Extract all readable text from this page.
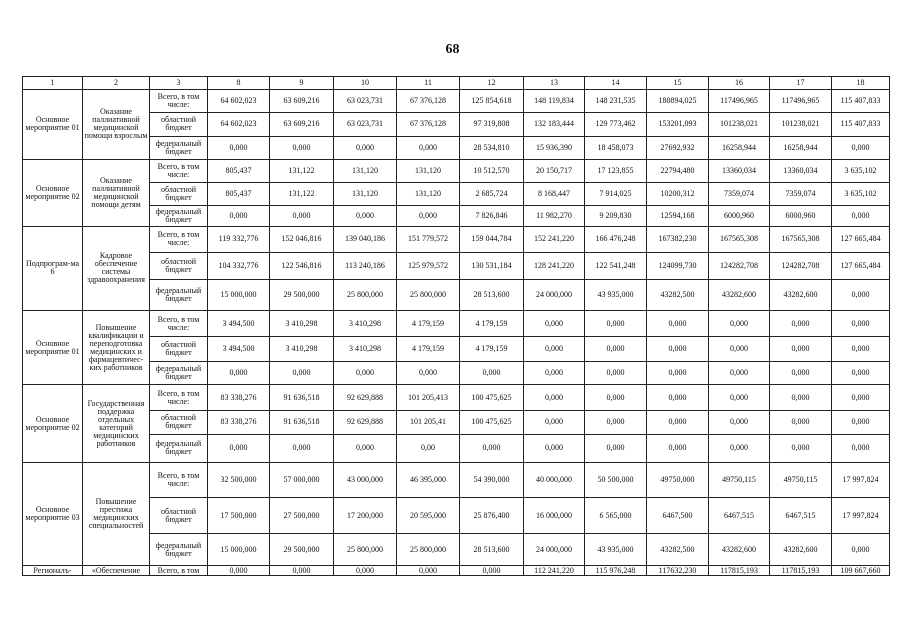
68
1	2	3	8	9	10	11	12	13	14	15	16	17	18
Основное мероприятие 01	Оказание паллиативной медицинской помощи взрослым	Всего, в том числе:	64 602,023	63 609,216	63 023,731	67 376,128	125 854,618	148 119,834	148 231,535	180894,025	117496,965	117496,965	115 407,833
		областной бюджет	64 602,023	63 609,216	63 023,731	67 376,128	97 319,808	132 183,444	129 773,462	153201,093	101238,021	101238,021	115 407,833
		федеральный бюджет	0,000	0,000	0,000	0,000	28 534,810	15 936,390	18 458,073	27692,932	16258,944	16258,944	0,000
Основное мероприятие 02	Оказание паллиативной медицинской помощи детям	Всего, в том числе:	805,437	131,122	131,120	131,120	10 512,570	20 150,717	17 123,855	22794,480	13360,034	13360,034	3 635,102
		областной бюджет	805,437	131,122	131,120	131,120	2 685,724	8 168,447	7 914,025	10200,312	7359,074	7359,074	3 635,102
		федеральный бюджет	0,000	0,000	0,000	0,000	7 826,846	11 982,270	9 209,830	12594,168	6000,960	6000,960	0,000
Подпрограм-ма 6	Кадровое обеспечение системы здравоохранения	Всего, в том числе:	119 332,776	152 046,816	139 040,186	151 779,572	159 044,784	152 241,220	166 476,248	167382,230	167565,308	167565,308	127 665,484
		областной бюджет	104 332,776	122 546,816	113 240,186	125 979,572	130 531,184	128 241,220	122 541,248	124099,730	124282,708	124282,708	127 665,484
		федеральный бюджет	15 000,000	29 500,000	25 800,000	25 800,000	28 513,600	24 000,000	43 935,000	43282,500	43282,600	43282,600	0,000
Основное мероприятие 01	Повышение квалификации и переподготовка медицинских и фармацевтичес-ких работников	Всего, в том числе:	3 494,500	3 410,298	3 410,298	4 179,159	4 179,159	0,000	0,000	0,000	0,000	0,000	0,000
		областной бюджет	3 494,500	3 410,298	3 410,298	4 179,159	4 179,159	0,000	0,000	0,000	0,000	0,000	0,000
		федеральный бюджет	0,000	0,000	0,000	0,000	0,000	0,000	0,000	0,000	0,000	0,000	0,000
Основное мероприятие 02	Государственная поддержка отдельных категорий медицинских работников	Всего, в том числе:	83 338,276	91 636,518	92 629,888	101 205,413	100 475,625	0,000	0,000	0,000	0,000	0,000	0,000
		областной бюджет	83 338,276	91 636,518	92 629,888	101 205,41	100 475,625	0,000	0,000	0,000	0,000	0,000	0,000
		федеральный бюджет	0,000	0,000	0,000	0,00	0,000	0,000	0,000	0,000	0,000	0,000	0,000
Основное мероприятие 03	Повышение престижа медицинских специальностей	Всего, в том числе:	32 500,000	57 000,000	43 000,000	46 395,000	54 390,000	40 000,000	50 500,000	49750,000	49750,115	49750,115	17 997,824
		областной бюджет	17 500,000	27 500,000	17 200,000	20 595,000	25 876,400	16 000,000	6 565,000	6467,500	6467,515	6467,515	17 997,824
		федеральный бюджет	15 000,000	29 500,000	25 800,000	25 800,000	28 513,600	24 000,000	43 935,000	43282,500	43282,600	43282,600	0,000
Регионалъ-	«Обеспечение	Всего, в том	0,000	0,000	0,000	0,000	0,000	112 241,220	115 976,248	117632,230	117815,193	117815,193	109 667,660
